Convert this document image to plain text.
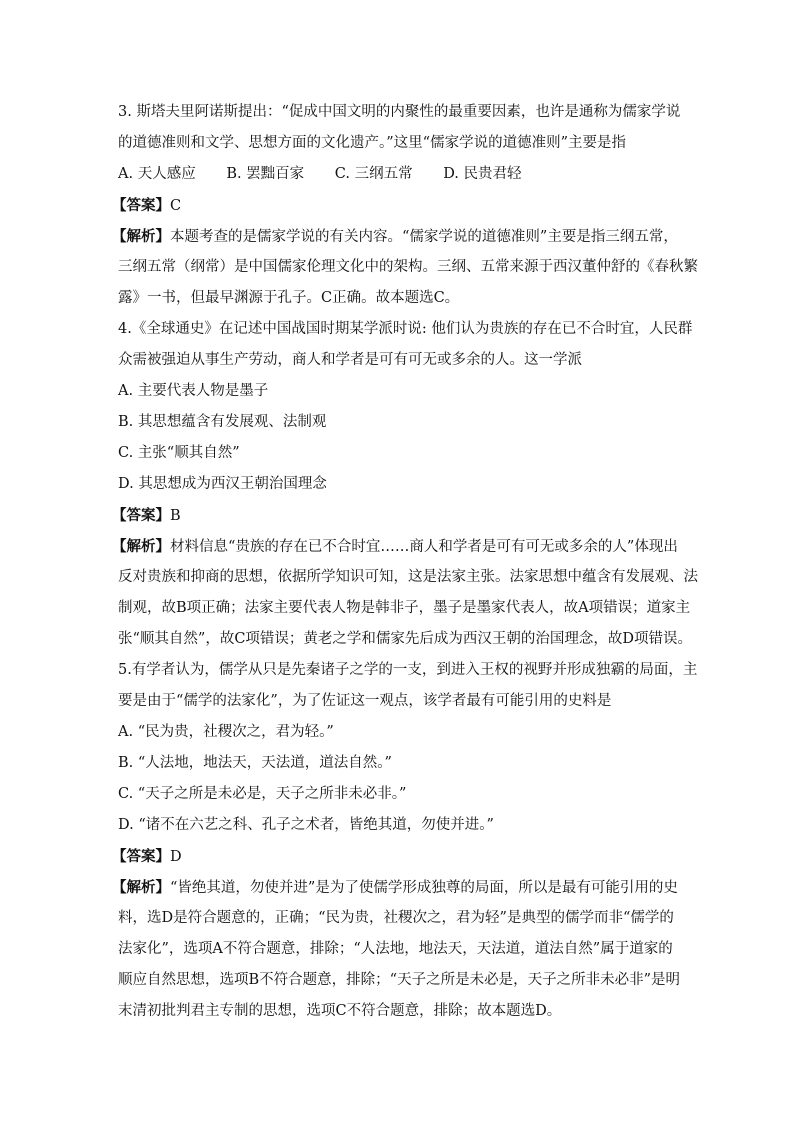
3. 斯塔夫里阿诺斯提出：“促成中国文明的内聚性的最重要因素，也许是通称为儒家学说
的道德准则和文学、思想方面的文化遗产。”这里“儒家学说的道德准则”主要是指
A. 天人感应 B. 罢黜百家 C. 三纲五常 D. 民贵君轻
【答案】C
【解析】本题考查的是儒家学说的有关内容。“儒家学说的道德准则”主要是指三纲五常，
三纲五常（纲常）是中国儒家伦理文化中的架构。三纲、五常来源于西汉董仲舒的《春秋繁
露》一书，但最早渊源于孔子。C正确。故本题选C。
4.《全球通史》在记述中国战国时期某学派时说: 他们认为贵族的存在已不合时宜，人民群
众需被强迫从事生产劳动，商人和学者是可有可无或多余的人。这一学派
A. 主要代表人物是墨子
B. 其思想蕴含有发展观、法制观
C. 主张“顺其自然”
D. 其思想成为西汉王朝治国理念
【答案】B
【解析】材料信息“贵族的存在已不合时宜……商人和学者是可有可无或多余的人”体现出
反对贵族和抑商的思想，依据所学知识可知，这是法家主张。法家思想中蕴含有发展观、法
制观，故B项正确；法家主要代表人物是韩非子，墨子是墨家代表人，故A项错误；道家主
张“顺其自然”，故C项错误；黄老之学和儒家先后成为西汉王朝的治国理念，故D项错误。
5.有学者认为，儒学从只是先秦诸子之学的一支，到进入王权的视野并形成独霸的局面，主
要是由于“儒学的法家化”，为了佐证这一观点，该学者最有可能引用的史料是
A. “民为贵，社稷次之，君为轻。”
B. “人法地，地法天，天法道，道法自然。”
C. “天子之所是未必是，天子之所非未必非。”
D. “诸不在六艺之科、孔子之术者，皆绝其道，勿使并进。”
【答案】D
【解析】“皆绝其道，勿使并进”是为了使儒学形成独尊的局面，所以是最有可能引用的史
料，选D是符合题意的，正确；“民为贵，社稷次之，君为轻”是典型的儒学而非“儒学的
法家化”，选项A不符合题意，排除；“人法地，地法天，天法道，道法自然”属于道家的
顺应自然思想，选项B不符合题意，排除；“天子之所是未必是，天子之所非未必非”是明
末清初批判君主专制的思想，选项C不符合题意，排除；故本题选D。
